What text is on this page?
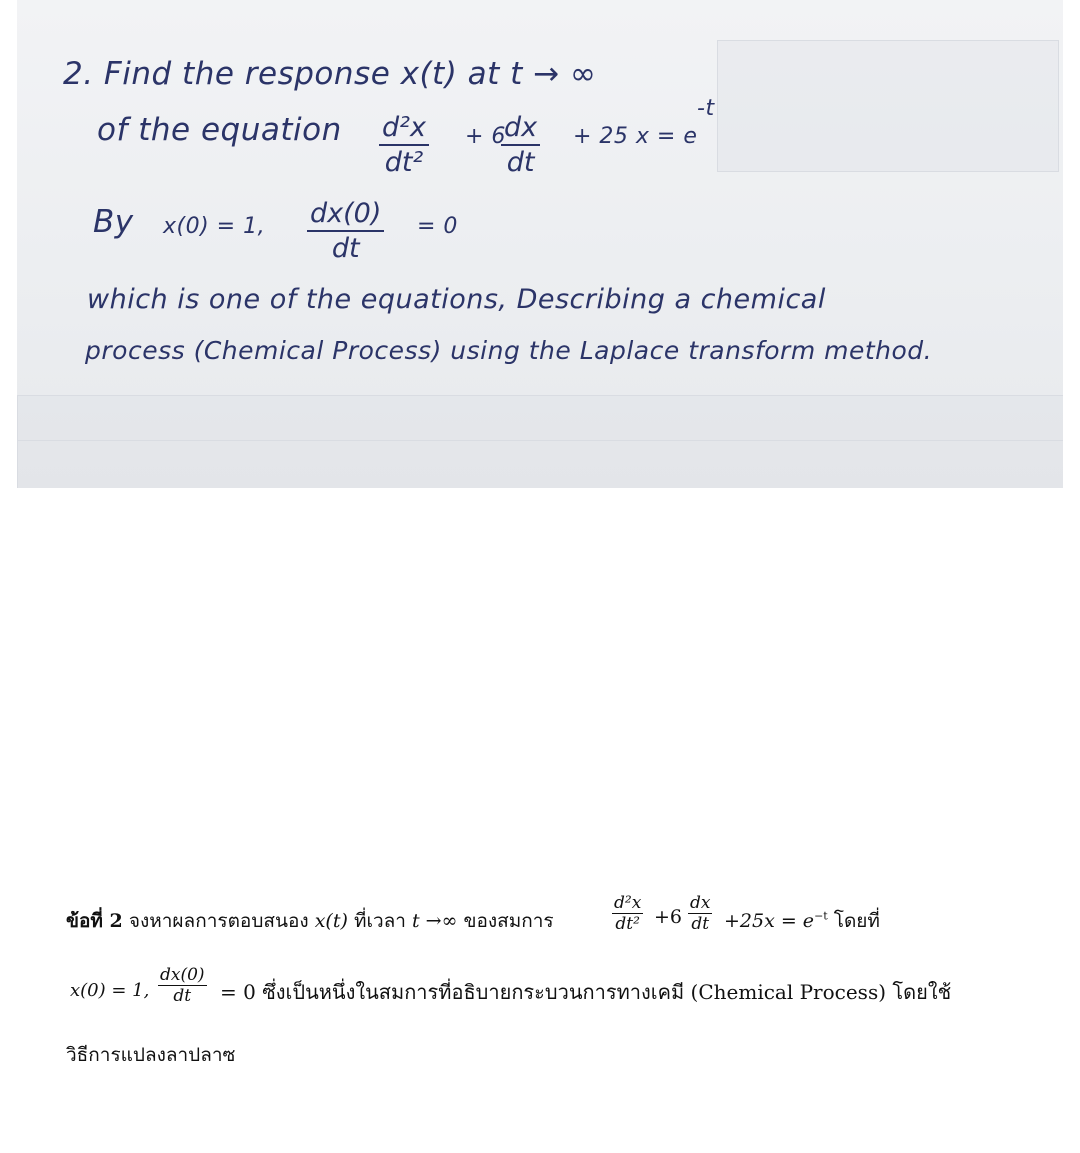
2. Find the response x(t) at t → ∞
of the equation $\frac{\text{d²x}}{\text{dt²}} + 6$
$\frac{dx}{dt} + 25$ x = e
-t
By x(0) = 1, $\frac{dx(0)}{dt} = 0$
which is one of the equations, Describing a chemical
process (Chemical Process) using the Laplace transform method.
ข้อที่ 2 จงหาผลการตอบสนอง x(t) ที่เวลา t →∞ ของสมการ	$\frac{\text{d²x}}{\text{dt²}} +6 \frac{dx}{dt} +25x = e^{-t}$ โดยที่
x(0) = 1, $\frac{dx(0)}{dt} = 0$ ซึ่งเป็นหนึ่งในสมการที่อธิบายกระบวนการทางเคมี (Chemical Process) โดยใช้
วิธีการแปลงลาปลาซ
